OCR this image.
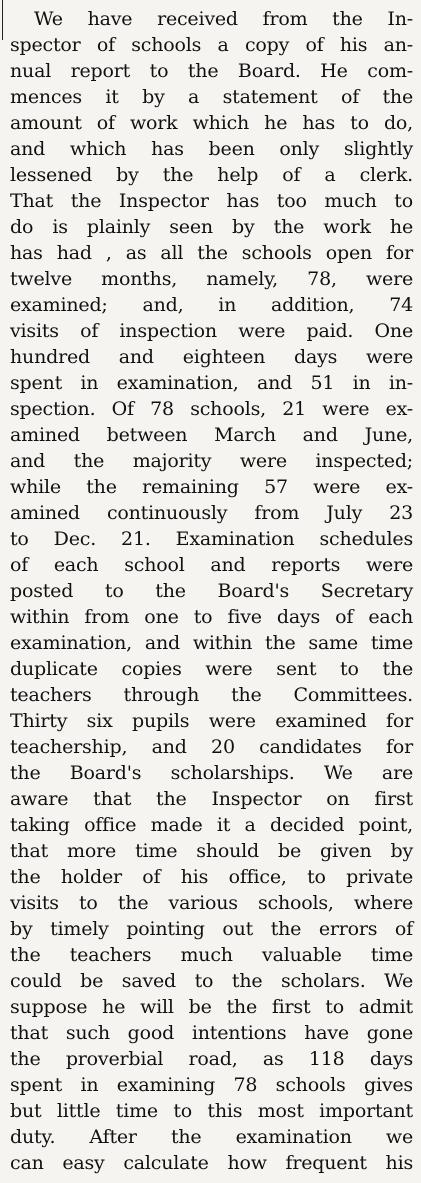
We have received from the In-
spector of schools a copy of his an-
nual report to the Board. He com-
mences it by a statement of the
amount of work which he has to do,
and which has been only slightly
lessened by the help of a clerk.
That the Inspector has too much to
do is plainly seen by the work he
has had , as all the schools open for
twelve months, namely, 78, were
examined; and, in addition, 74
visits of inspection were paid. One
hundred and eighteen days were
spent in examination, and 51 in in-
spection. Of 78 schools, 21 were ex-
amined between March and June,
and the majority were inspected;
while the remaining 57 were ex-
amined continuously from July 23
to Dec. 21. Examination schedules
of each school and reports were
posted to the Board's Secretary
within from one to five days of each
examination, and within the same time
duplicate copies were sent to the
teachers through the Committees.
Thirty six pupils were examined for
teachership, and 20 candidates for
the Board's scholarships. We are
aware that the Inspector on first
taking office made it a decided point,
that more time should be given by
the holder of his office, to private
visits to the various schools, where
by timely pointing out the errors of
the teachers much valuable time
could be saved to the scholars. We
suppose he will be the first to admit
that such good intentions have gone
the proverbial road, as 118 days
spent in examining 78 schools gives
but little time to this most important
duty. After the examination we
can easy calculate how frequent his
